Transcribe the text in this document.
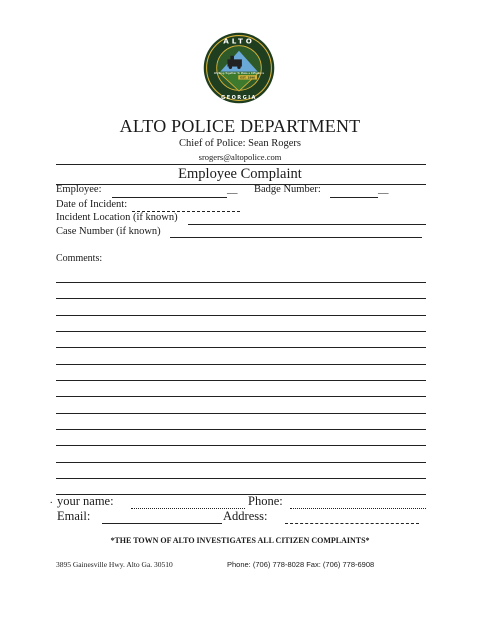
Working Together To Make a Difference
EST. 1896
ALTO
GEORGIA
ALTO POLICE DEPARTMENT
Chief of Police: Sean Rogers
srogers@altopolice.com
Employee Complaint
Employee:	__ Badge Number:	__
Date of Incident:
Incident Location (if known)
Case Number (if known)
Comments:
. your name:	Phone:
Email:	Address:
*THE TOWN OF ALTO INVESTIGATES ALL CITIZEN COMPLAINTS*
3895 Gainesville Hwy. Alto Ga. 30510	Phone: (706) 778-8028 Fax: (706) 778-6908
